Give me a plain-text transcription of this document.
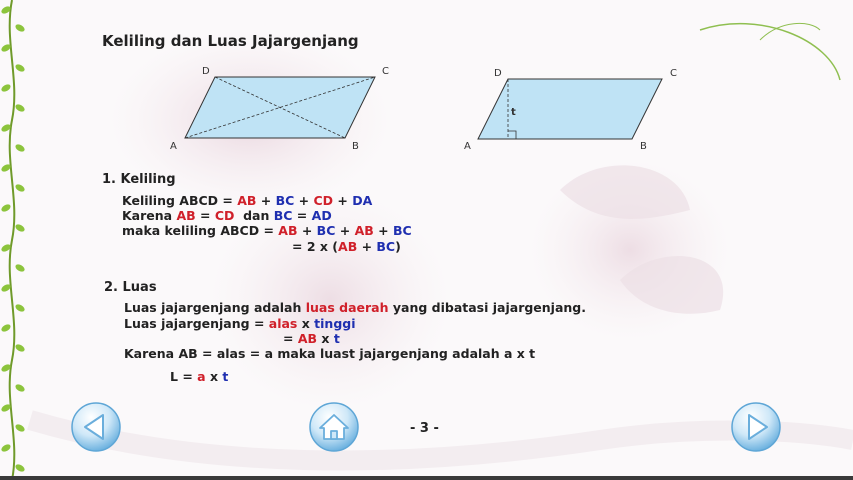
Keliling dan Luas Jajargenjang
A	B
C
D
A	B
C
D
t
1. Keliling
Keliling ABCD = AB + BC + CD + DA
Karena AB = CD  dan BC = AD
maka keliling ABCD = AB + BC + AB + BC
= 2 x (AB + BC)
2. Luas
Luas jajargenjang adalah luas daerah yang dibatasi jajargenjang.
Luas jajargenjang = alas x tinggi
= AB x t
Karena AB = alas = a maka luast jajargenjang adalah a x t
L = a x t
- 3 -
